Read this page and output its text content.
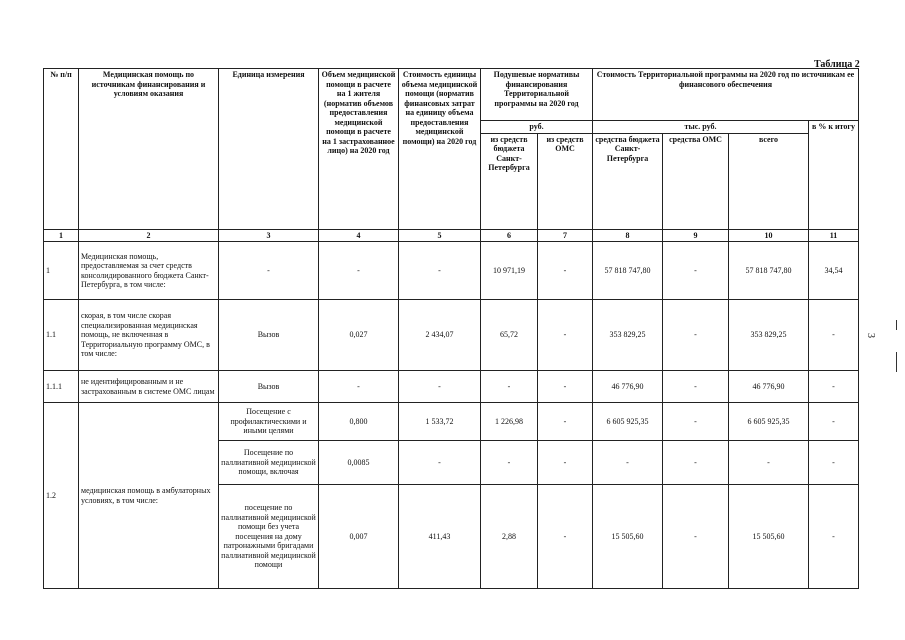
Таблица 2
3
№ п/п	Медицинская помощь по источникам финансирования и условиям оказания	Единица измерения	Объем медицинской помощи в расчете на 1 жителя (норматив объемов предоставления медицинской помощи в расчете на 1 застрахованное лицо) на 2020 год	Стоимость единицы объема медицинской помощи (норматив финансовых затрат на единицу объема предоставления медицинской помощи) на 2020 год	Подушевые нормативы финансирования Территориальной программы на 2020 год		Стоимость Территориальной программы на 2020 год по источникам ее финансового обеспечения			
					руб.		тыс. руб.			в % к итогу
					из средств бюджета Санкт-Петербурга	из средств ОМС	средства бюджета Санкт-Петербурга	средства ОМС	всего	
1	2	3	4	5	6	7	8	9	10	11
1	Медицинская помощь, предоставляемая за счет средств консолидированного бюджета Санкт-Петербурга, в том числе:	-	-	-	10 971,19	-	57 818 747,80	-	57 818 747,80	34,54
1.1	скорая, в том числе скорая специализированная медицинская помощь, не включенная в Территориальную программу ОМС, в том числе:	Вызов	0,027	2 434,07	65,72	-	353 829,25	-	353 829,25	-
1.1.1	не идентифицированным и не застрахованным в системе ОМС лицам	Вызов	-	-	-	-	46 776,90	-	46 776,90	-
1.2	медицинская помощь в амбулаторных условиях, в том числе:	Посещение с профилактическими и иными целями	0,800	1 533,72	1 226,98	-	6 605 925,35	-	6 605 925,35	-
		Посещение по паллиативной медицинской помощи, включая	0,0085	-	-	-	-	-	-	-
		посещение по паллиативной медицинской помощи без учета посещения на дому патронажными бригадами паллиативной медицинской помощи	0,007	411,43	2,88	-	15 505,60	-	15 505,60	-
